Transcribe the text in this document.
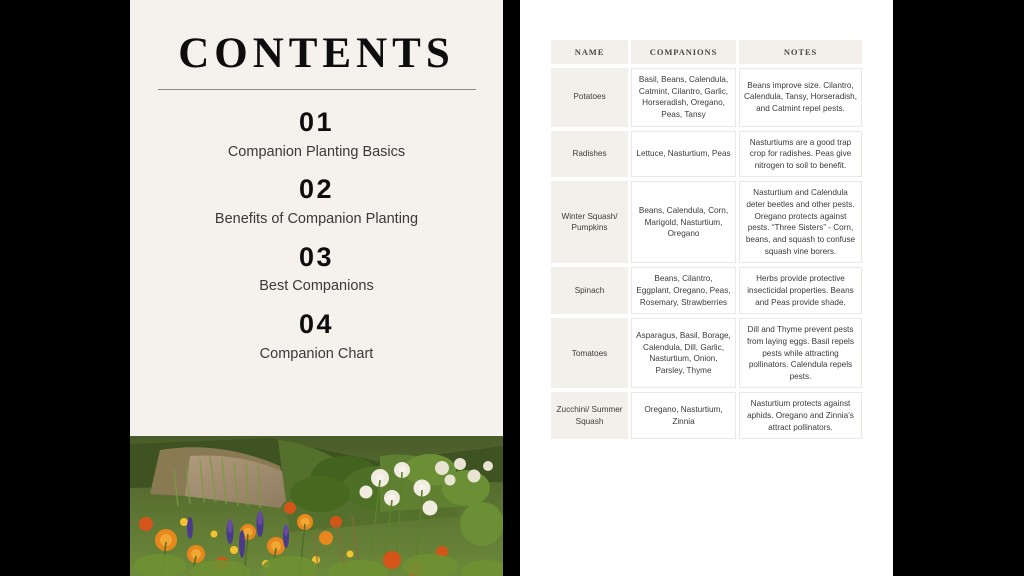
CONTENTS
01
Companion Planting Basics
02
Benefits of Companion Planting
03
Best Companions
04
Companion Chart
NAME	COMPANIONS	NOTES
Potatoes	Basil, Beans, Calendula, Catmint, Cilantro, Garlic, Horseradish, Oregano, Peas, Tansy	Beans improve size. Cilantro, Calendula, Tansy, Horseradish, and Catmint repel pests.
Radishes	Lettuce, Nasturtium, Peas	Nasturtiums are a good trap crop for radishes. Peas give nitrogen to soil to benefit.
Winter Squash/ Pumpkins	Beans, Calendula, Corn, Marigold, Nasturtium, Oregano	Nasturtium and Calendula deter beetles and other pests. Oregano protects against pests. “Three Sisters” - Corn, beans, and squash to confuse squash vine borers.
Spinach	Beans, Cilantro, Eggplant, Oregano, Peas, Rosemary, Strawberries	Herbs provide protective insecticidal properties. Beans and Peas provide shade.
Tomatoes	Asparagus, Basil, Borage, Calendula, Dill, Garlic, Nasturtium, Onion, Parsley, Thyme	Dill and Thyme prevent pests from laying eggs. Basil repels pests while attracting pollinators. Calendula repels pests.
Zucchini/ Summer Squash	Oregano, Nasturtium, Zinnia	Nasturtium protects against aphids. Oregano and Zinnia’s attract pollinators.
